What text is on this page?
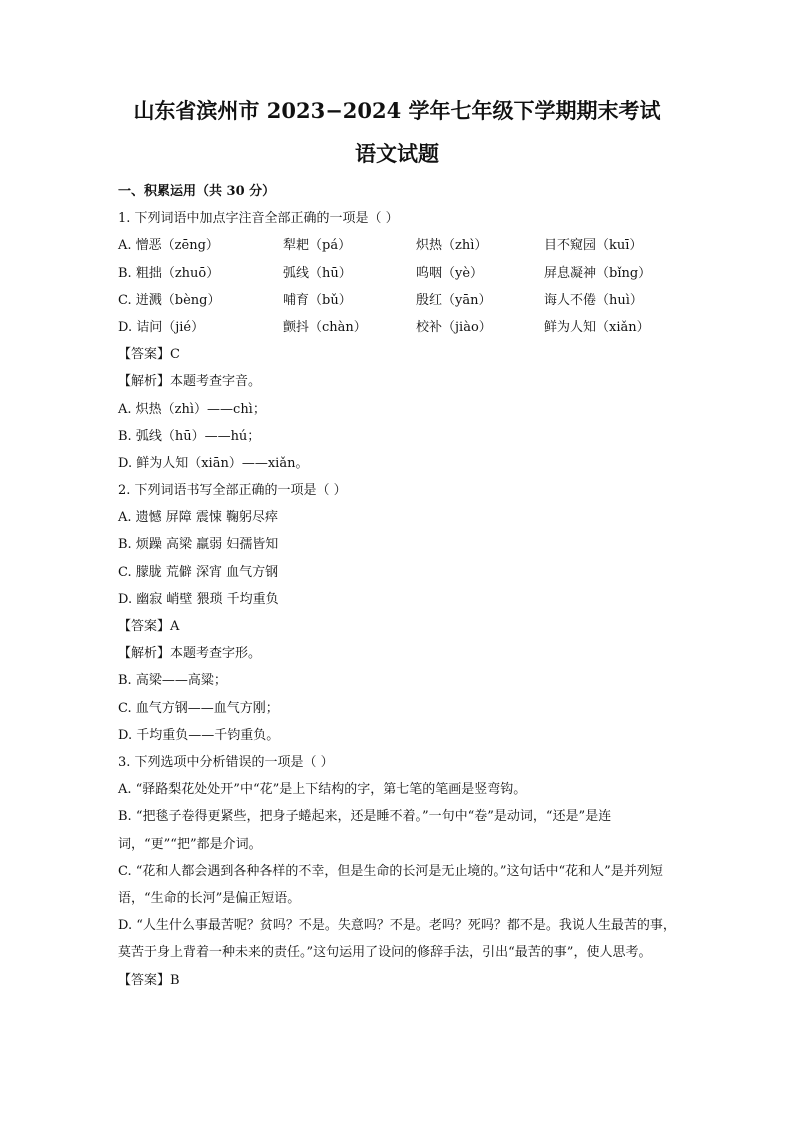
山东省滨州市 2023−2024 学年七年级下学期期末考试
语文试题
一、积累运用（共 30 分）
1. 下列词语中加点字注音全部正确的一项是（ ）
A. 憎恶（zēng）	犁耙（pá）	炽热（zhì）	目不窥园（kuī）
B. 粗拙（zhuō）	弧线（hū）	呜咽（yè）	屏息凝神（bǐng）
C. 迸溅（bèng）	哺育（bǔ）	殷红（yān）	诲人不倦（huì）
D. 诘问（jié）	颤抖（chàn）	校补（jiào）	鲜为人知（xiǎn）
【答案】C
【解析】本题考查字音。
A. 炽热（zhì）——chì；
B. 弧线（hū）——hú；
D. 鲜为人知（xiān）——xiǎn。
2. 下列词语书写全部正确的一项是（ ）
A. 遗憾 屏障 震悚 鞠躬尽瘁
B. 烦躁 高梁 羸弱 妇孺皆知
C. 朦胧 荒僻 深宵 血气方钢
D. 幽寂 峭壁 猥琐 千均重负
【答案】A
【解析】本题考查字形。
B. 高梁——高粱；
C. 血气方钢——血气方刚；
D. 千均重负——千钧重负。
3. 下列选项中分析错误的一项是（ ）
A. “驿路梨花处处开”中“花”是上下结构的字，第七笔的笔画是竖弯钩。
B. “把毯子卷得更紧些，把身子蜷起来，还是睡不着。”一句中“卷”是动词，“还是”是连词，“更”“把”都是介词。
C. “花和人都会遇到各种各样的不幸，但是生命的长河是无止境的。”这句话中“花和人”是并列短语，“生命的长河”是偏正短语。
D. “人生什么事最苦呢？贫吗？不是。失意吗？不是。老吗？死吗？都不是。我说人生最苦的事，莫苦于身上背着一种未来的责任。”这句运用了设问的修辞手法，引出“最苦的事”，使人思考。
【答案】B
